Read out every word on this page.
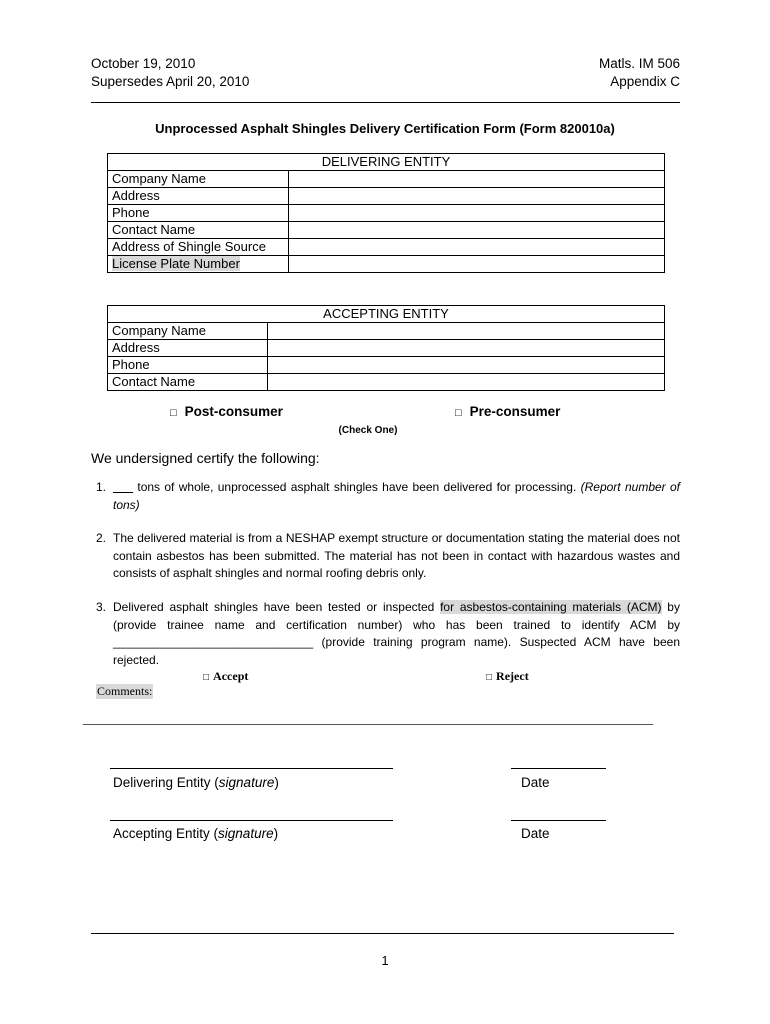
October 19, 2010
Supersedes April 20, 2010
Matls. IM 506
Appendix C
Unprocessed Asphalt Shingles Delivery Certification Form (Form 820010a)
DELIVERING ENTITY	
Company Name	
Address	
Phone	
Contact Name	
Address of Shingle Source	
License Plate Number	
ACCEPTING ENTITY	
Company Name	
Address	
Phone	
Contact Name	
□ Post-consumer	□ Pre-consumer
(Check One)
We undersigned certify the following:
1. ___ tons of whole, unprocessed asphalt shingles have been delivered for processing. (Report number of tons)
2. The delivered material is from a NESHAP exempt structure or documentation stating the material does not contain asbestos has been submitted. The material has not been in contact with hazardous wastes and consists of asphalt shingles and normal roofing debris only.
3. Delivered asphalt shingles have been tested or inspected for asbestos-containing materials (ACM) by (provide trainee name and certification number) who has been trained to identify ACM by ______________________________ (provide training program name). Suspected ACM have been rejected.
□ Accept	□ Reject
Comments:
Delivering Entity (signature)	Date
Accepting Entity (signature)	Date
1
